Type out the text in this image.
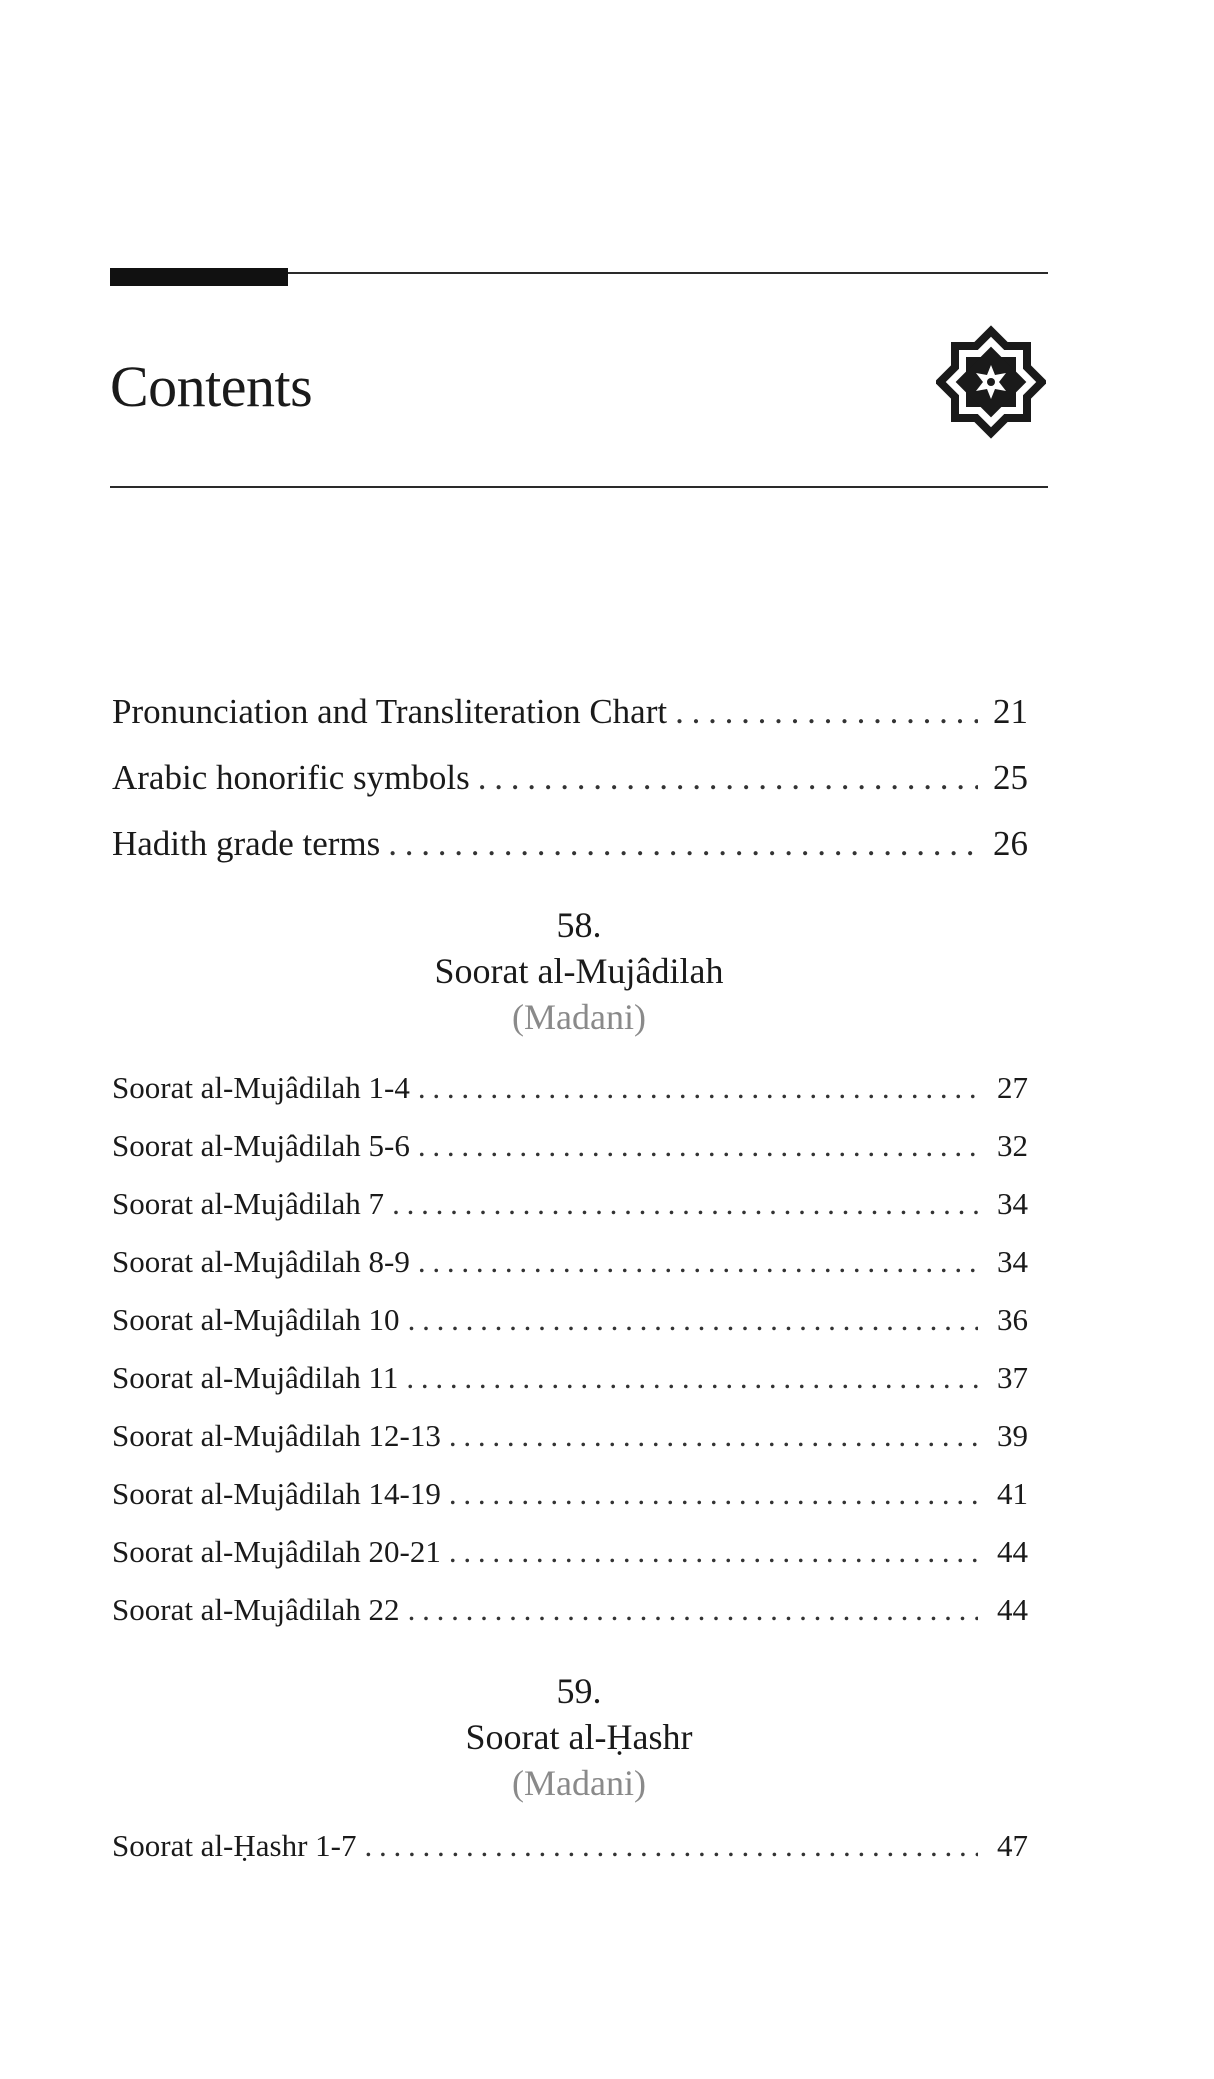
Contents
Pronunciation and Transliteration Chart . . .	21
Arabic honorific symbols . . .	25
Hadith grade terms . . .	26
58.
Soorat al-Mujâdilah
(Madani)
Soorat al-Mujâdilah 1-4 . . .	27
Soorat al-Mujâdilah 5-6 . . .	32
Soorat al-Mujâdilah 7 . . .	34
Soorat al-Mujâdilah 8-9 . . .	34
Soorat al-Mujâdilah 10 . . .	36
Soorat al-Mujâdilah 11 . . .	37
Soorat al-Mujâdilah 12-13 . . .	39
Soorat al-Mujâdilah 14-19 . . .	41
Soorat al-Mujâdilah 20-21 . . .	44
Soorat al-Mujâdilah 22 . . .	44
59.
Soorat al-Ḥashr
(Madani)
Soorat al-Ḥashr 1-7 . . .	47
